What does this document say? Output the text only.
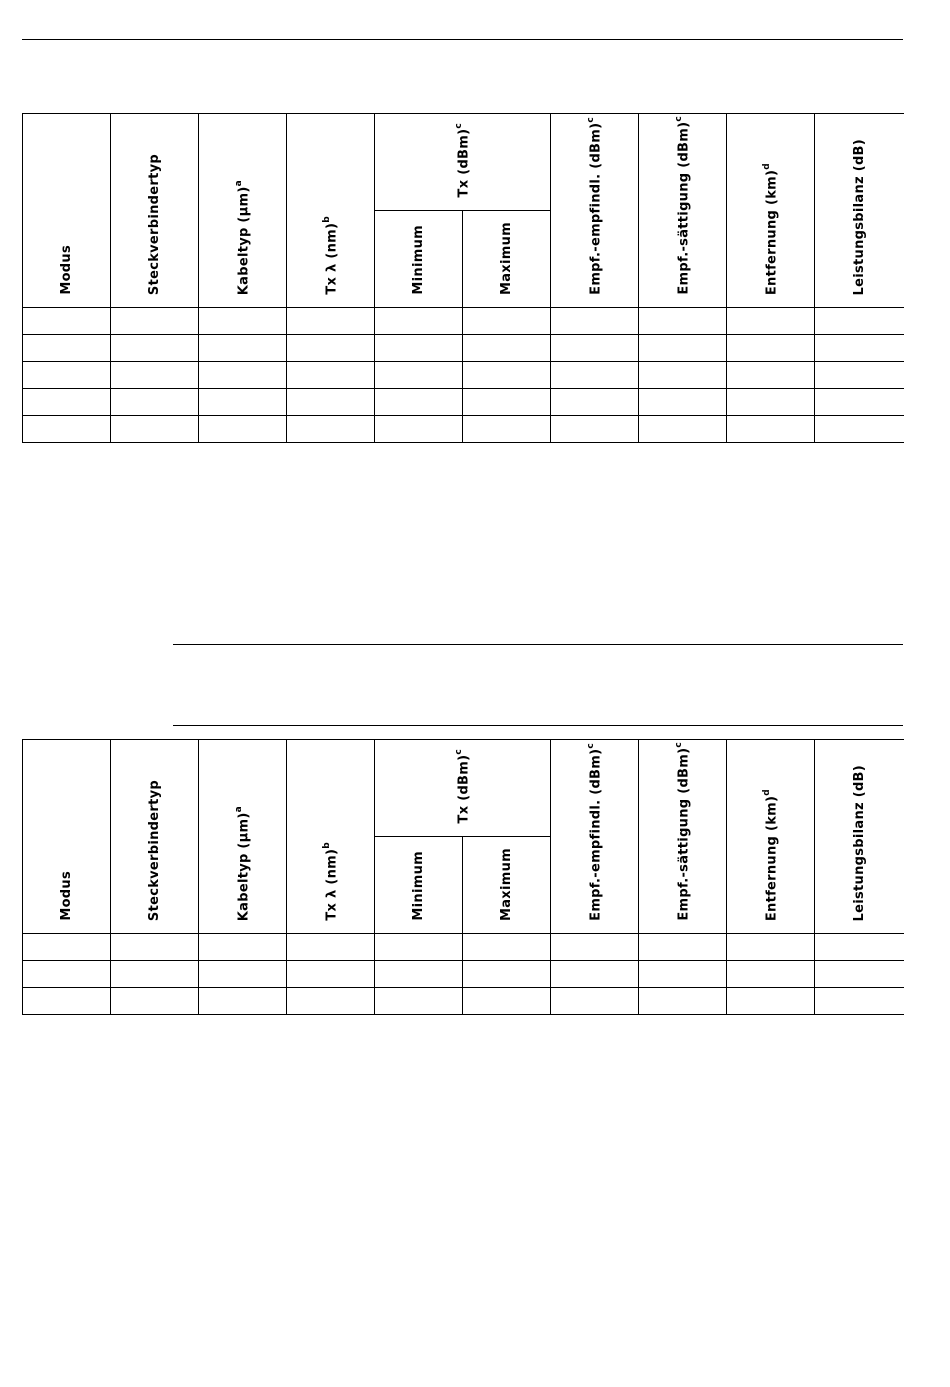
Modus	Steckverbindertyp	Kabeltyp $(\mu m)^a$	Tx λ (nm)$^b$	Tx (dBm)$^c$		Empf.-empfindl. (dBm)$^c$	Empf.-sättigung (dBm)$^c$	Entfernung (km)$^d$	Leistungsbilanz (dB)
				Minimum	Maximum				

Modus	Steckverbindertyp	Kabeltyp $(\mu m)^a$	Tx λ (nm)$^b$	Tx (dBm)$^c$		Empf.-empfindl. (dBm)$^c$	Empf.-sättigung (dBm)$^c$	Entfernung (km)$^d$	Leistungsbilanz (dB)
				Minimum	Maximum				
